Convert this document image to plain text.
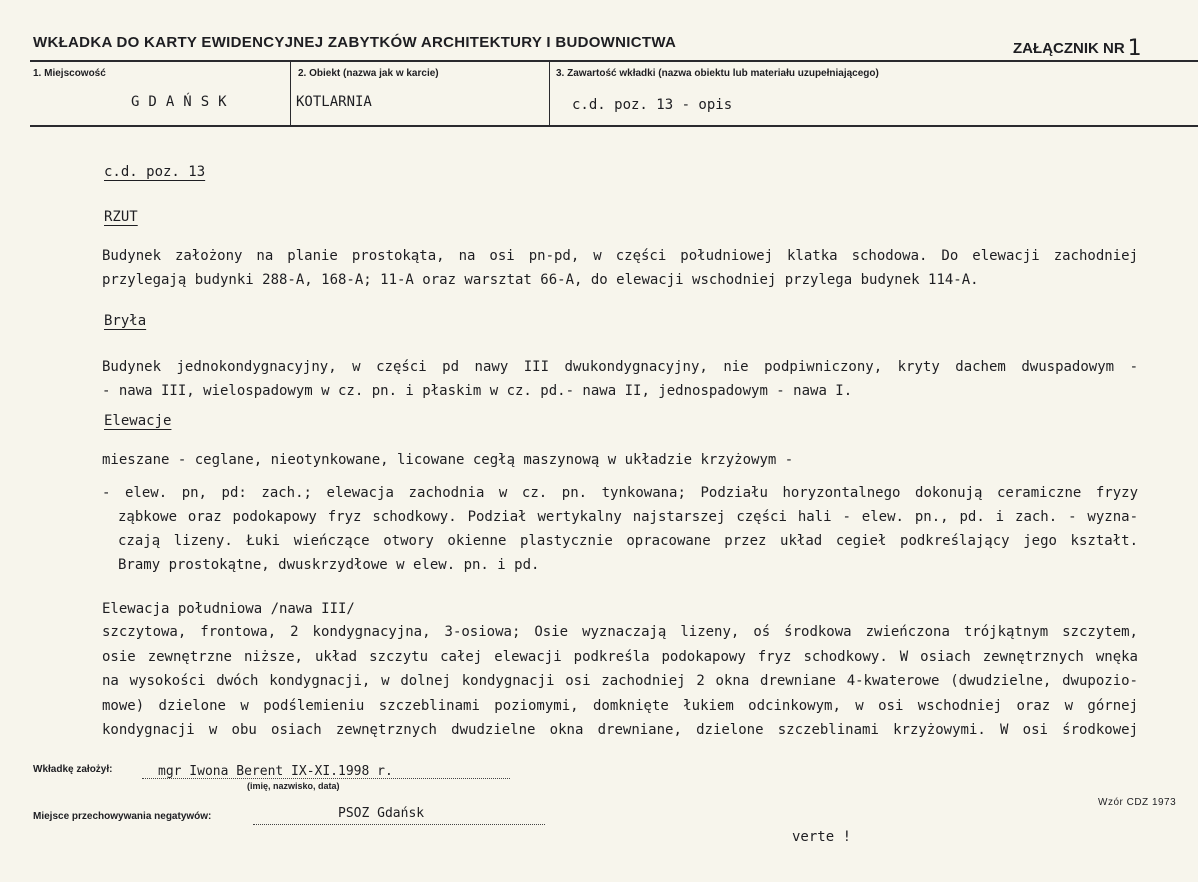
WKŁADKA DO KARTY EWIDENCYJNEJ ZABYTKÓW ARCHITEKTURY I BUDOWNICTWA	ZAŁĄCZNIK NR 1
1. Miejscowość
GDAŃSK
2. Obiekt (nazwa jak w karcie)
KOTLARNIA
3. Zawartość wkładki (nazwa obiektu lub materiału uzupełniającego)
c.d. poz. 13 - opis
c.d. poz. 13
RZUT
Budynek założony na planie prostokąta, na osi pn-pd, w części południowej klatka schodowa. Do elewacji zachodniej
przylegają budynki 288-A, 168-A; 11-A oraz warsztat 66-A, do elewacji wschodniej przylega budynek 114-A.
Bryła
Budynek jednokondygnacyjny, w części pd nawy III dwukondygnacyjny, nie podpiwniczony, kryty dachem dwuspadowym -
- nawa III, wielospadowym w cz. pn. i płaskim w cz. pd.- nawa II, jednospadowym - nawa I.
Elewacje
mieszane - ceglane, nieotynkowane, licowane cegłą maszynową w układzie krzyżowym -
- elew. pn, pd: zach.; elewacja zachodnia w cz. pn. tynkowana; Podziału horyzontalnego dokonują ceramiczne fryzy
ząbkowe oraz podokapowy fryz schodkowy. Podział wertykalny najstarszej części hali - elew. pn., pd. i zach. - wyzna-
czają lizeny. Łuki wieńczące otwory okienne plastycznie opracowane przez układ cegieł podkreślający jego kształt.
Bramy prostokątne, dwuskrzydłowe w elew. pn. i pd.
Elewacja południowa /nawa III/
szczytowa, frontowa, 2 kondygnacyjna, 3-osiowa; Osie wyznaczają lizeny, oś środkowa zwieńczona trójkątnym szczytem,
osie zewnętrzne niższe, układ szczytu całej elewacji podkreśla podokapowy fryz schodkowy. W osiach zewnętrznych wnęka
na wysokości dwóch kondygnacji, w dolnej kondygnacji osi zachodniej 2 okna drewniane 4-kwaterowe (dwudzielne, dwupozio-
mowe) dzielone w podślemieniu szczeblinami poziomymi, domknięte łukiem odcinkowym, w osi wschodniej oraz w górnej
kondygnacji w obu osiach zewnętrznych dwudzielne okna drewniane, dzielone szczeblinami krzyżowymi. W osi środkowej
Wkładkę założył:	mgr Iwona Berent IX-XI.1998 r.
(imię, nazwisko, data)
Wzór CDZ 1973
Miejsce przechowywania negatywów:	PSOZ Gdańsk
verte !
